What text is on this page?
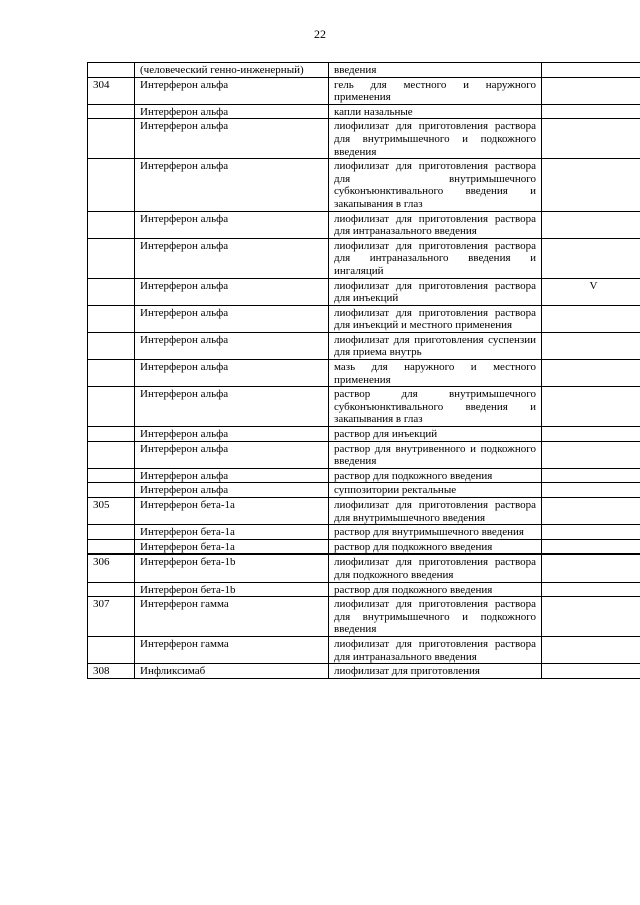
22
	(человеческий генно-инженерный)	введения	
304	Интерферон альфа	гель для местного и наружного применения	
	Интерферон альфа	капли назальные	
	Интерферон альфа	лиофилизат для приготовления раствора для внутримышечного и подкожного введения	
	Интерферон альфа	лиофилизат для приготовления раствора для внутримышечного субконъюнктивального введения и закапывания в глаз	
	Интерферон альфа	лиофилизат для приготовления раствора для интраназального введения	
	Интерферон альфа	лиофилизат для приготовления раствора для интраназального введения и ингаляций	
	Интерферон альфа	лиофилизат для приготовления раствора для инъекций	V
	Интерферон альфа	лиофилизат для приготовления раствора для инъекций и местного применения	
	Интерферон альфа	лиофилизат для приготовления суспензии для приема внутрь	
	Интерферон альфа	мазь для наружного и местного применения	
	Интерферон альфа	раствор для внутримышечного субконъюнктивального введения и закапывания в глаз	
	Интерферон альфа	раствор для инъекций	
	Интерферон альфа	раствор для внутривенного и подкожного введения	
	Интерферон альфа	раствор для подкожного введения	
	Интерферон альфа	суппозитории ректальные	
305	Интерферон бета-1а	лиофилизат для приготовления раствора для внутримышечного введения	
	Интерферон бета-1а	раствор для внутримышечного введения	
	Интерферон бета-1а	раствор для подкожного введения	
306	Интерферон бета-1b	лиофилизат для приготовления раствора для подкожного введения	
	Интерферон бета-1b	раствор для подкожного введения	
307	Интерферон гамма	лиофилизат для приготовления раствора для внутримышечного и подкожного введения	
	Интерферон гамма	лиофилизат для приготовления раствора для интраназального введения	
308	Инфликсимаб	лиофилизат для приготовления	
